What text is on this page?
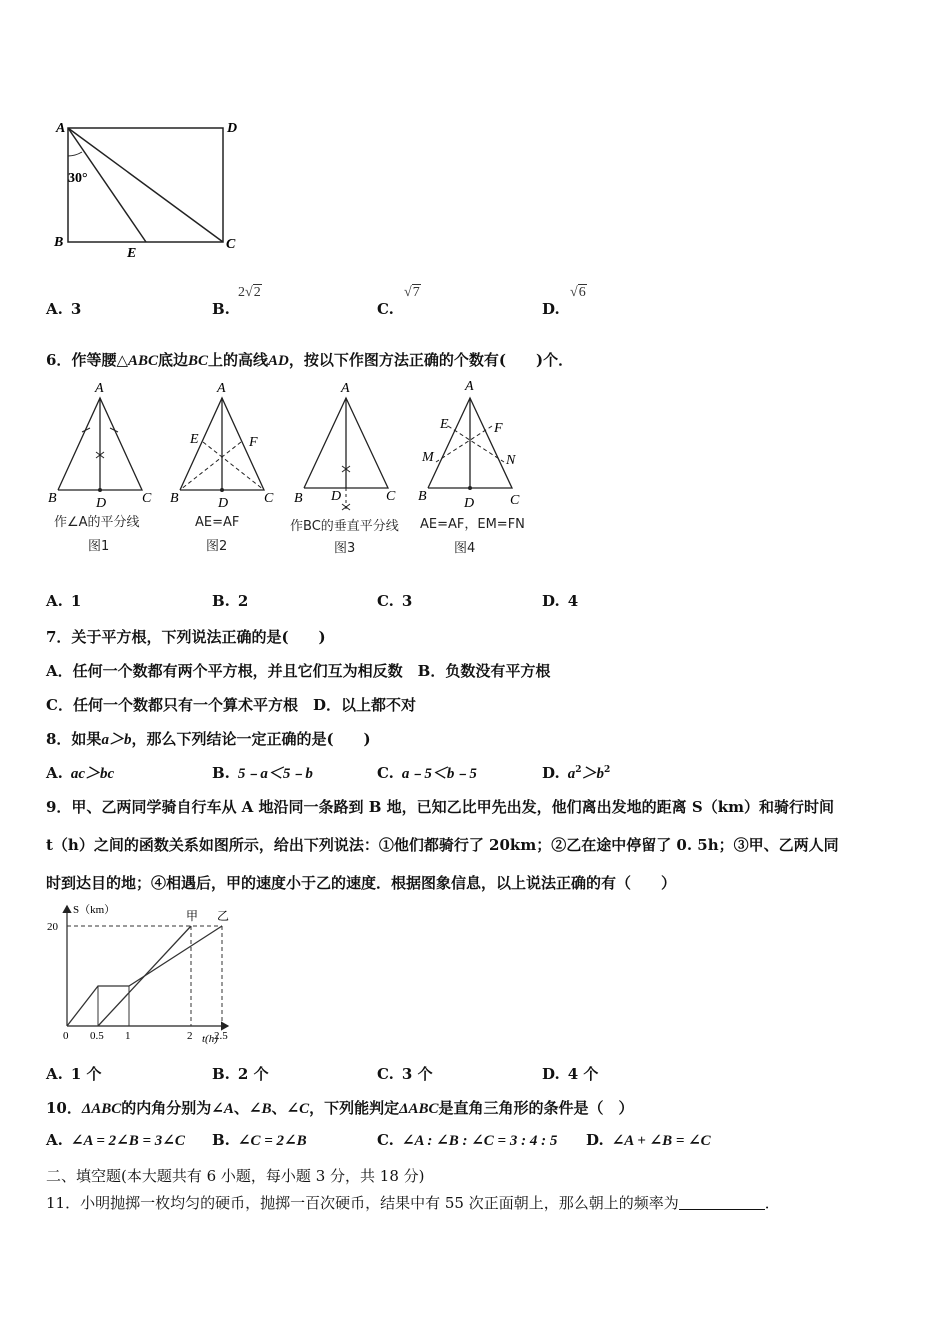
A	D
B	C
E
30°
A. 3	B.
2√2
C.
√7
D.
√6
6．作等腰△ABC底边BC上的高线AD，按以下作图方法正确的个数有(　　)个．
A
B	C
D
作∠A的平分线
图1
A
E	F
B	C
D
AE=AF
图2
A
B	C
D
作BC的垂直平分线
图3
A
E	F
M	N
B	C
D
AE=AF，EM=FN
图4
A. 1	B. 2	C. 3	D. 4
7．关于平方根，下列说法正确的是(　　)
A．任何一个数都有两个平方根，并且它们互为相反数　B．负数没有平方根
C．任何一个数都只有一个算术平方根　D．以上都不对
8．如果a＞b，那么下列结论一定正确的是(　　)
A. ac＞bc	B. 5﹣a＜5﹣b	C. a﹣5＜b﹣5	D. $a^2>b^2$
9．甲、乙两同学骑自行车从 A 地沿同一条路到 B 地，已知乙比甲先出发，他们离出发地的距离 S（km）和骑行时间
t（h）之间的函数关系如图所示，给出下列说法：①他们都骑行了 20km；②乙在途中停留了 0. 5h；③甲、乙两人同
时到达目的地；④相遇后，甲的速度小于乙的速度．根据图象信息，以上说法正确的有（　　）
甲 乙
0 0.5 1	2 2.5
20
S（km）
t(h)
A. 1 个	B. 2 个	C. 3 个	D. 4 个
10．ΔABC的内角分别为∠A、∠B、∠C，下列能判定ΔABC是直角三角形的条件是（　）
A. ∠A = 2∠B = 3∠C B. ∠C = 2∠B	C. ∠A : ∠B : ∠C = 3 : 4 : 5 D. ∠A + ∠B = ∠C
二、填空题(本大题共有 6 小题，每小题 3 分，共 18 分)
11．小明抛掷一枚均匀的硬币，抛掷一百次硬币，结果中有 55 次正面朝上，那么朝上的频率为	．
